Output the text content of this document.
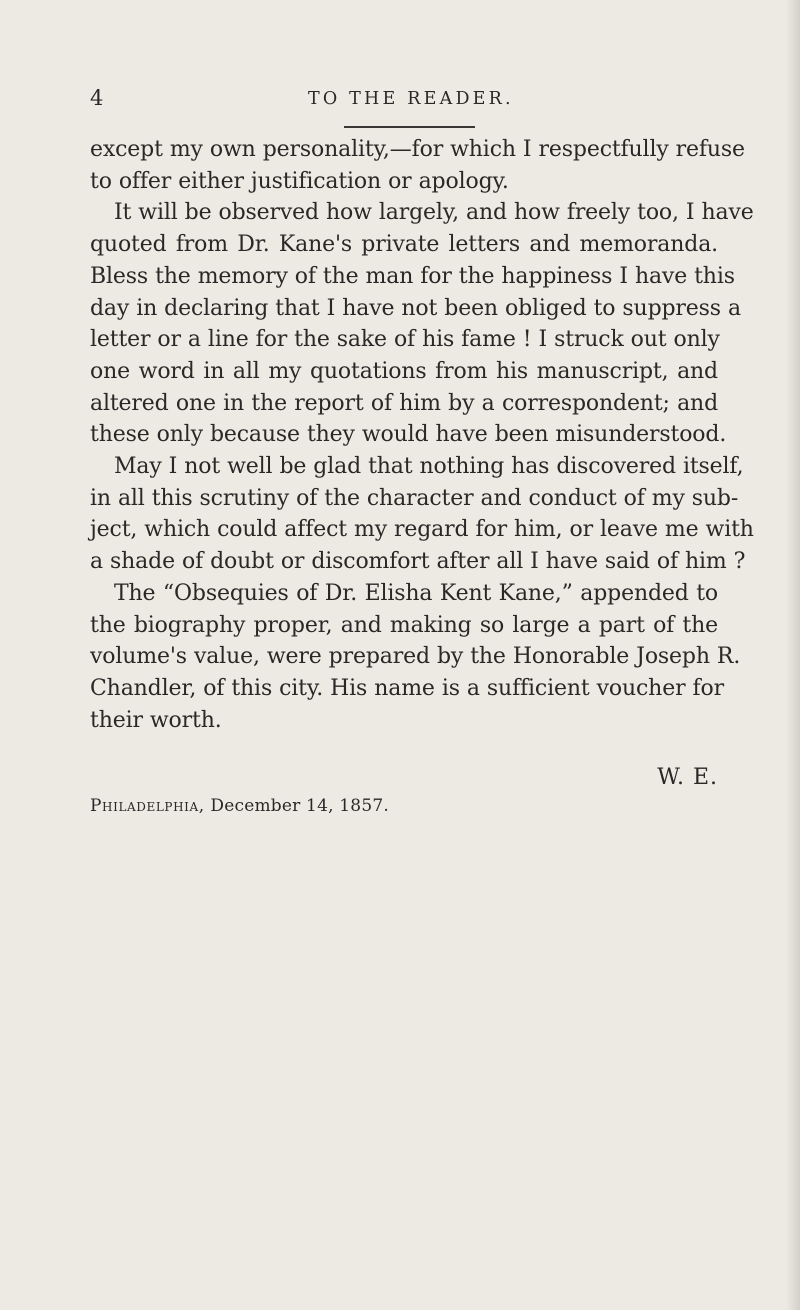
4	TO THE READER.
except my own personality,—for which I respectfully refuse
to offer either justification or apology.
It will be observed how largely, and how freely too, I have
quoted from Dr. Kane's private letters and memoranda.
Bless the memory of the man for the happiness I have this
day in declaring that I have not been obliged to suppress a
letter or a line for the sake of his fame ! I struck out only
one word in all my quotations from his manuscript, and
altered one in the report of him by a correspondent; and
these only because they would have been misunderstood.
May I not well be glad that nothing has discovered itself,
in all this scrutiny of the character and conduct of my sub-
ject, which could affect my regard for him, or leave me with
a shade of doubt or discomfort after all I have said of him ?
The “Obsequies of Dr. Elisha Kent Kane,” appended to
the biography proper, and making so large a part of the
volume's value, were prepared by the Honorable Joseph R.
Chandler, of this city. His name is a sufficient voucher for
their worth.
W. E.
Philadelphia, December 14, 1857.
